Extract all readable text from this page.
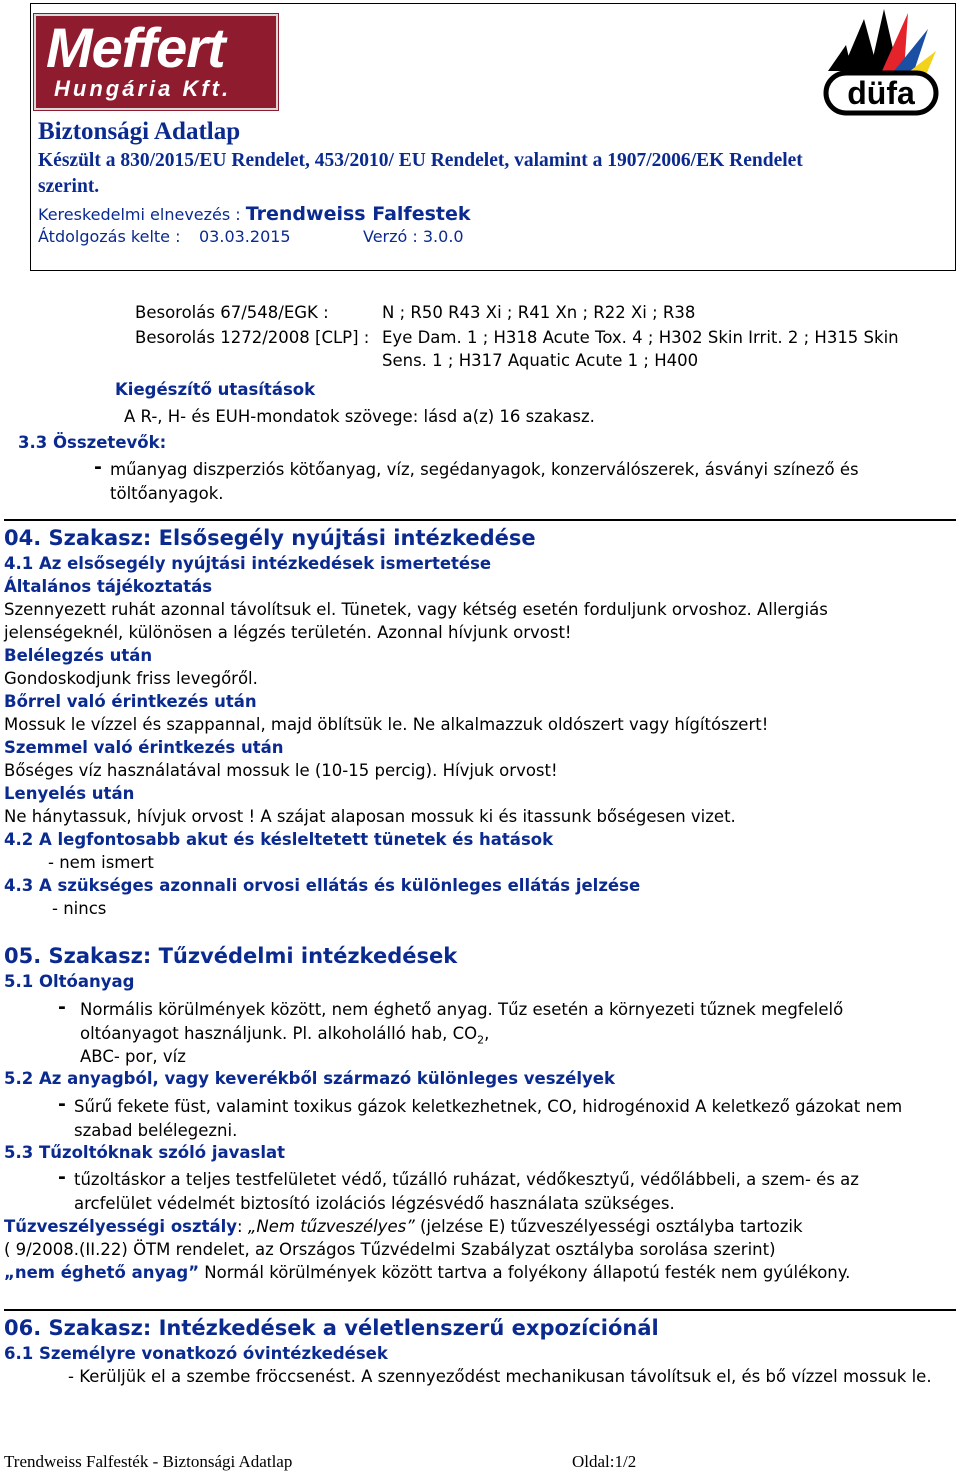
Meffert
Hungária Kft.	düfa
Biztonsági Adatlap
Készült a 830/2015/EU Rendelet, 453/2010/ EU Rendelet, valamint a 1907/2006/EK Rendelet
szerint.
Kereskedelmi elnevezés : Trendweiss Falfestek
Átdolgozás kelte : 03.03.2015	Verzó : 3.0.0
Besorolás 67/548/EGK :	N ; R50 R43 Xi ; R41 Xn ; R22 Xi ; R38
Besorolás 1272/2008 [CLP] : Eye Dam. 1 ; H318 Acute Tox. 4 ; H302 Skin Irrit. 2 ; H315 Skin
Sens. 1 ; H317 Aquatic Acute 1 ; H400
Kiegészítő utasítások
A R-, H- és EUH-mondatok szövege: lásd a(z) 16 szakasz.
3.3 Összetevők:
- műanyag diszperziós kötőanyag, víz, segédanyagok, konzerválószerek, ásványi színező és
töltőanyagok.
04. Szakasz: Elsősegély nyújtási intézkedése
4.1 Az elsősegély nyújtási intézkedések ismertetése
Általános tájékoztatás
Szennyezett ruhát azonnal távolítsuk el. Tünetek, vagy kétség esetén forduljunk orvoshoz. Allergiás
jelenségeknél, különösen a légzés területén. Azonnal hívjunk orvost!
Belélegzés után
Gondoskodjunk friss levegőről.
Bőrrel való érintkezés után
Mossuk le vízzel és szappannal, majd öblítsük le. Ne alkalmazzuk oldószert vagy hígítószert!
Szemmel való érintkezés után
Bőséges víz használatával mossuk le (10-15 percig). Hívjuk orvost!
Lenyelés után
Ne hánytassuk, hívjuk orvost ! A szájat alaposan mossuk ki és itassunk bőségesen vizet.
4.2 A legfontosabb akut és késleltetett tünetek és hatások
- nem ismert
4.3 A szükséges azonnali orvosi ellátás és különleges ellátás jelzése
- nincs
05. Szakasz: Tűzvédelmi intézkedések
5.1 Oltóanyag
- Normális körülmények között, nem éghető anyag. Tűz esetén a környezeti tűznek megfelelő
oltóanyagot használjunk. Pl. alkoholálló hab, $CO_2$,
ABC- por, víz
5.2 Az anyagból, vagy keverékből származó különleges veszélyek
- Sűrű fekete füst, valamint toxikus gázok keletkezhetnek, CO, hidrogénoxid A keletkező gázokat nem
szabad belélegezni.
5.3 Tűzoltóknak szóló javaslat
- tűzoltáskor a teljes testfelületet védő, tűzálló ruházat, védőkesztyű, védőlábbeli, a szem- és az
arcfelület védelmét biztosító izolációs légzésvédő használata szükséges.
Tűzveszélyességi osztály: „Nem tűzveszélyes” (jelzése E) tűzveszélyességi osztályba tartozik
( 9/2008.(II.22) ÖTM rendelet, az Országos Tűzvédelmi Szabályzat osztályba sorolása szerint)
„nem éghető anyag” Normál körülmények között tartva a folyékony állapotú festék nem gyúlékony.
06. Szakasz: Intézkedések a véletlenszerű expozíciónál
6.1 Személyre vonatkozó óvintézkedések
- Kerüljük el a szembe fröccsenést. A szennyeződést mechanikusan távolítsuk el, és bő vízzel mossuk le.
Trendweiss Falfesték - Biztonsági Adatlap	Oldal:1/2
